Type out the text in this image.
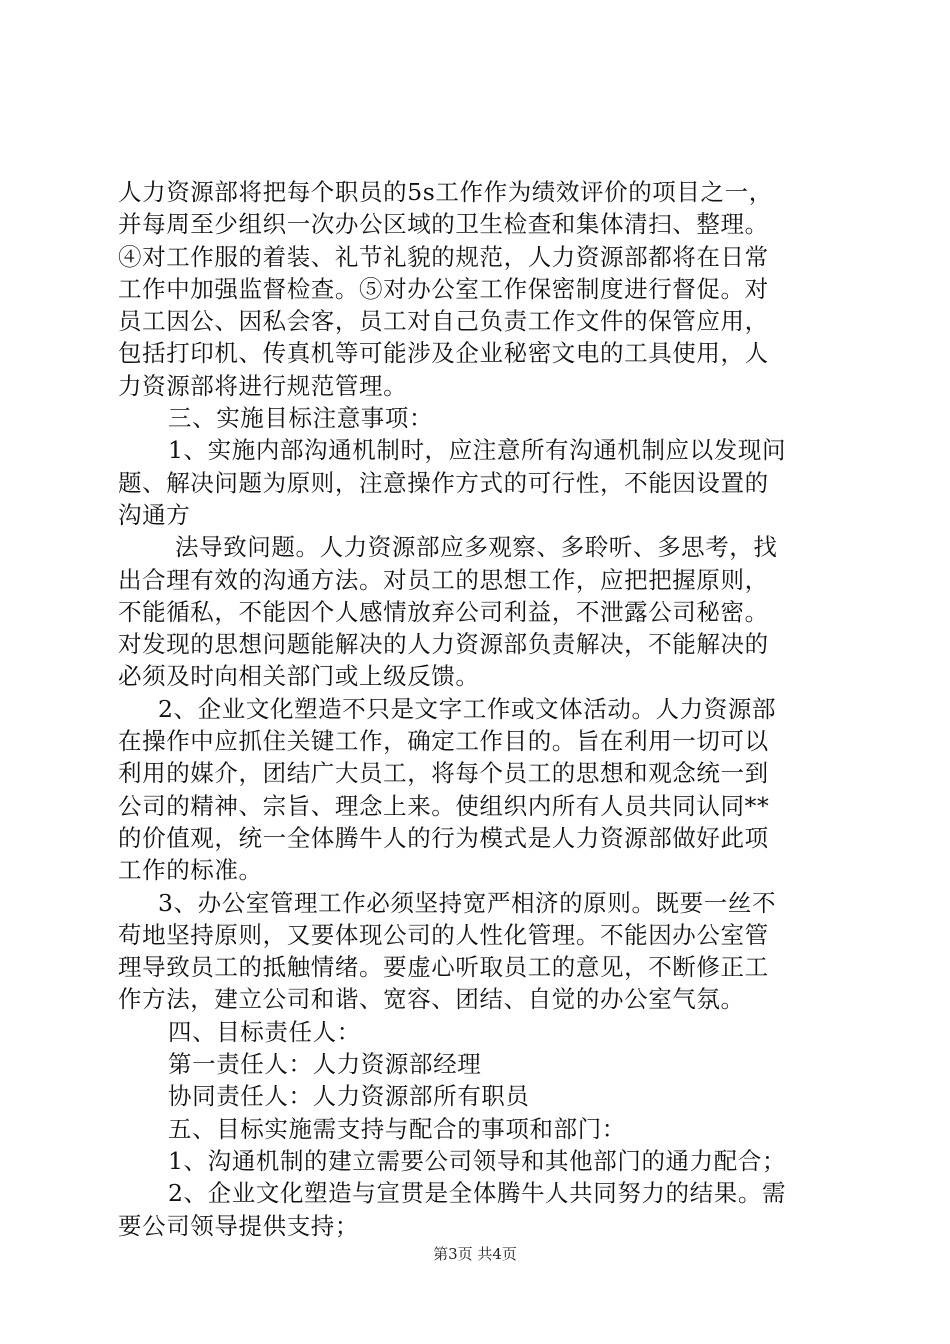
人力资源部将把每个职员的5s工作作为绩效评价的项目之一，
并每周至少组织一次办公区域的卫生检查和集体清扫、整理。
④对工作服的着装、礼节礼貌的规范，人力资源部都将在日常
工作中加强监督检查。⑤对办公室工作保密制度进行督促。对
员工因公、因私会客，员工对自己负责工作文件的保管应用，
包括打印机、传真机等可能涉及企业秘密文电的工具使用，人
力资源部将进行规范管理。
三、实施目标注意事项：
1、实施内部沟通机制时，应注意所有沟通机制应以发现问
题、解决问题为原则，注意操作方式的可行性，不能因设置的
沟通方
法导致问题。人力资源部应多观察、多聆听、多思考，找
出合理有效的沟通方法。对员工的思想工作，应把把握原则，
不能循私，不能因个人感情放弃公司利益，不泄露公司秘密。
对发现的思想问题能解决的人力资源部负责解决，不能解决的
必须及时向相关部门或上级反馈。
2、企业文化塑造不只是文字工作或文体活动。人力资源部
在操作中应抓住关键工作，确定工作目的。旨在利用一切可以
利用的媒介，团结广大员工，将每个员工的思想和观念统一到
公司的精神、宗旨、理念上来。使组织内所有人员共同认同**
的价值观，统一全体腾牛人的行为模式是人力资源部做好此项
工作的标准。
3、办公室管理工作必须坚持宽严相济的原则。既要一丝不
苟地坚持原则，又要体现公司的人性化管理。不能因办公室管
理导致员工的抵触情绪。要虚心听取员工的意见，不断修正工
作方法，建立公司和谐、宽容、团结、自觉的办公室气氛。
四、目标责任人：
第一责任人：人力资源部经理
协同责任人：人力资源部所有职员
五、目标实施需支持与配合的事项和部门：
1、沟通机制的建立需要公司领导和其他部门的通力配合；
2、企业文化塑造与宣贯是全体腾牛人共同努力的结果。需
要公司领导提供支持；
第3页 共4页
